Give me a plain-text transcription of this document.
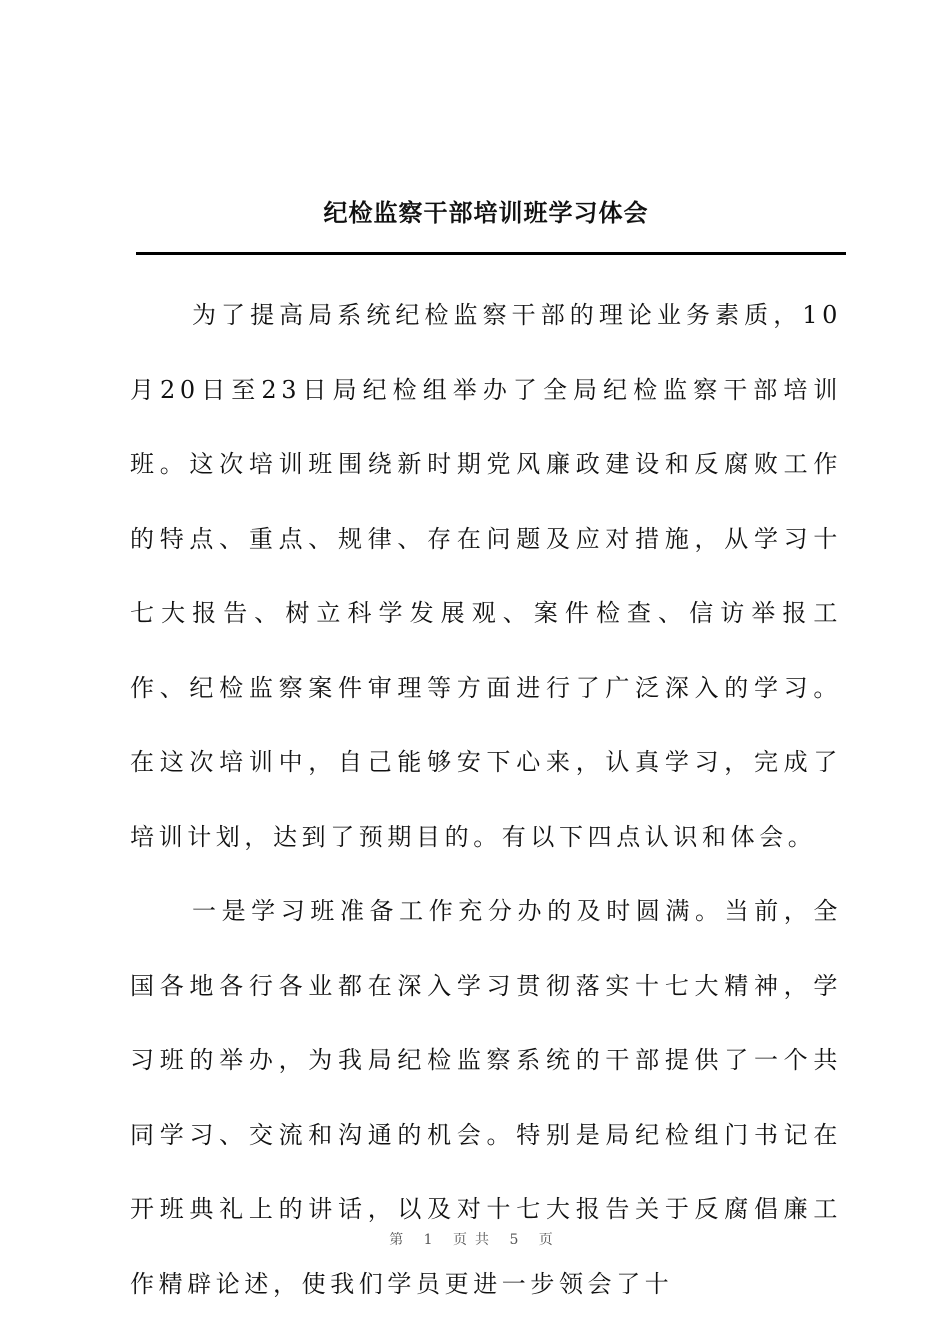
纪检监察干部培训班学习体会

为了提高局系统纪检监察干部的理论业务素质，10月20日至23日局纪检组举办了全局纪检监察干部培训班。这次培训班围绕新时期党风廉政建设和反腐败工作的特点、重点、规律、存在问题及应对措施，从学习十七大报告、树立科学发展观、案件检查、信访举报工作、纪检监察案件审理等方面进行了广泛深入的学习。在这次培训中，自己能够安下心来，认真学习，完成了培训计划，达到了预期目的。有以下四点认识和体会。

一是学习班准备工作充分办的及时圆满。当前，全国各地各行各业都在深入学习贯彻落实十七大精神，学习班的举办，为我局纪检监察系统的干部提供了一个共同学习、交流和沟通的机会。特别是局纪检组门书记在开班典礼上的讲话，以及对十七大报告关于反腐倡廉工作精辟论述，使我们学员更进一步领会了十

第 1 页共 5 页
